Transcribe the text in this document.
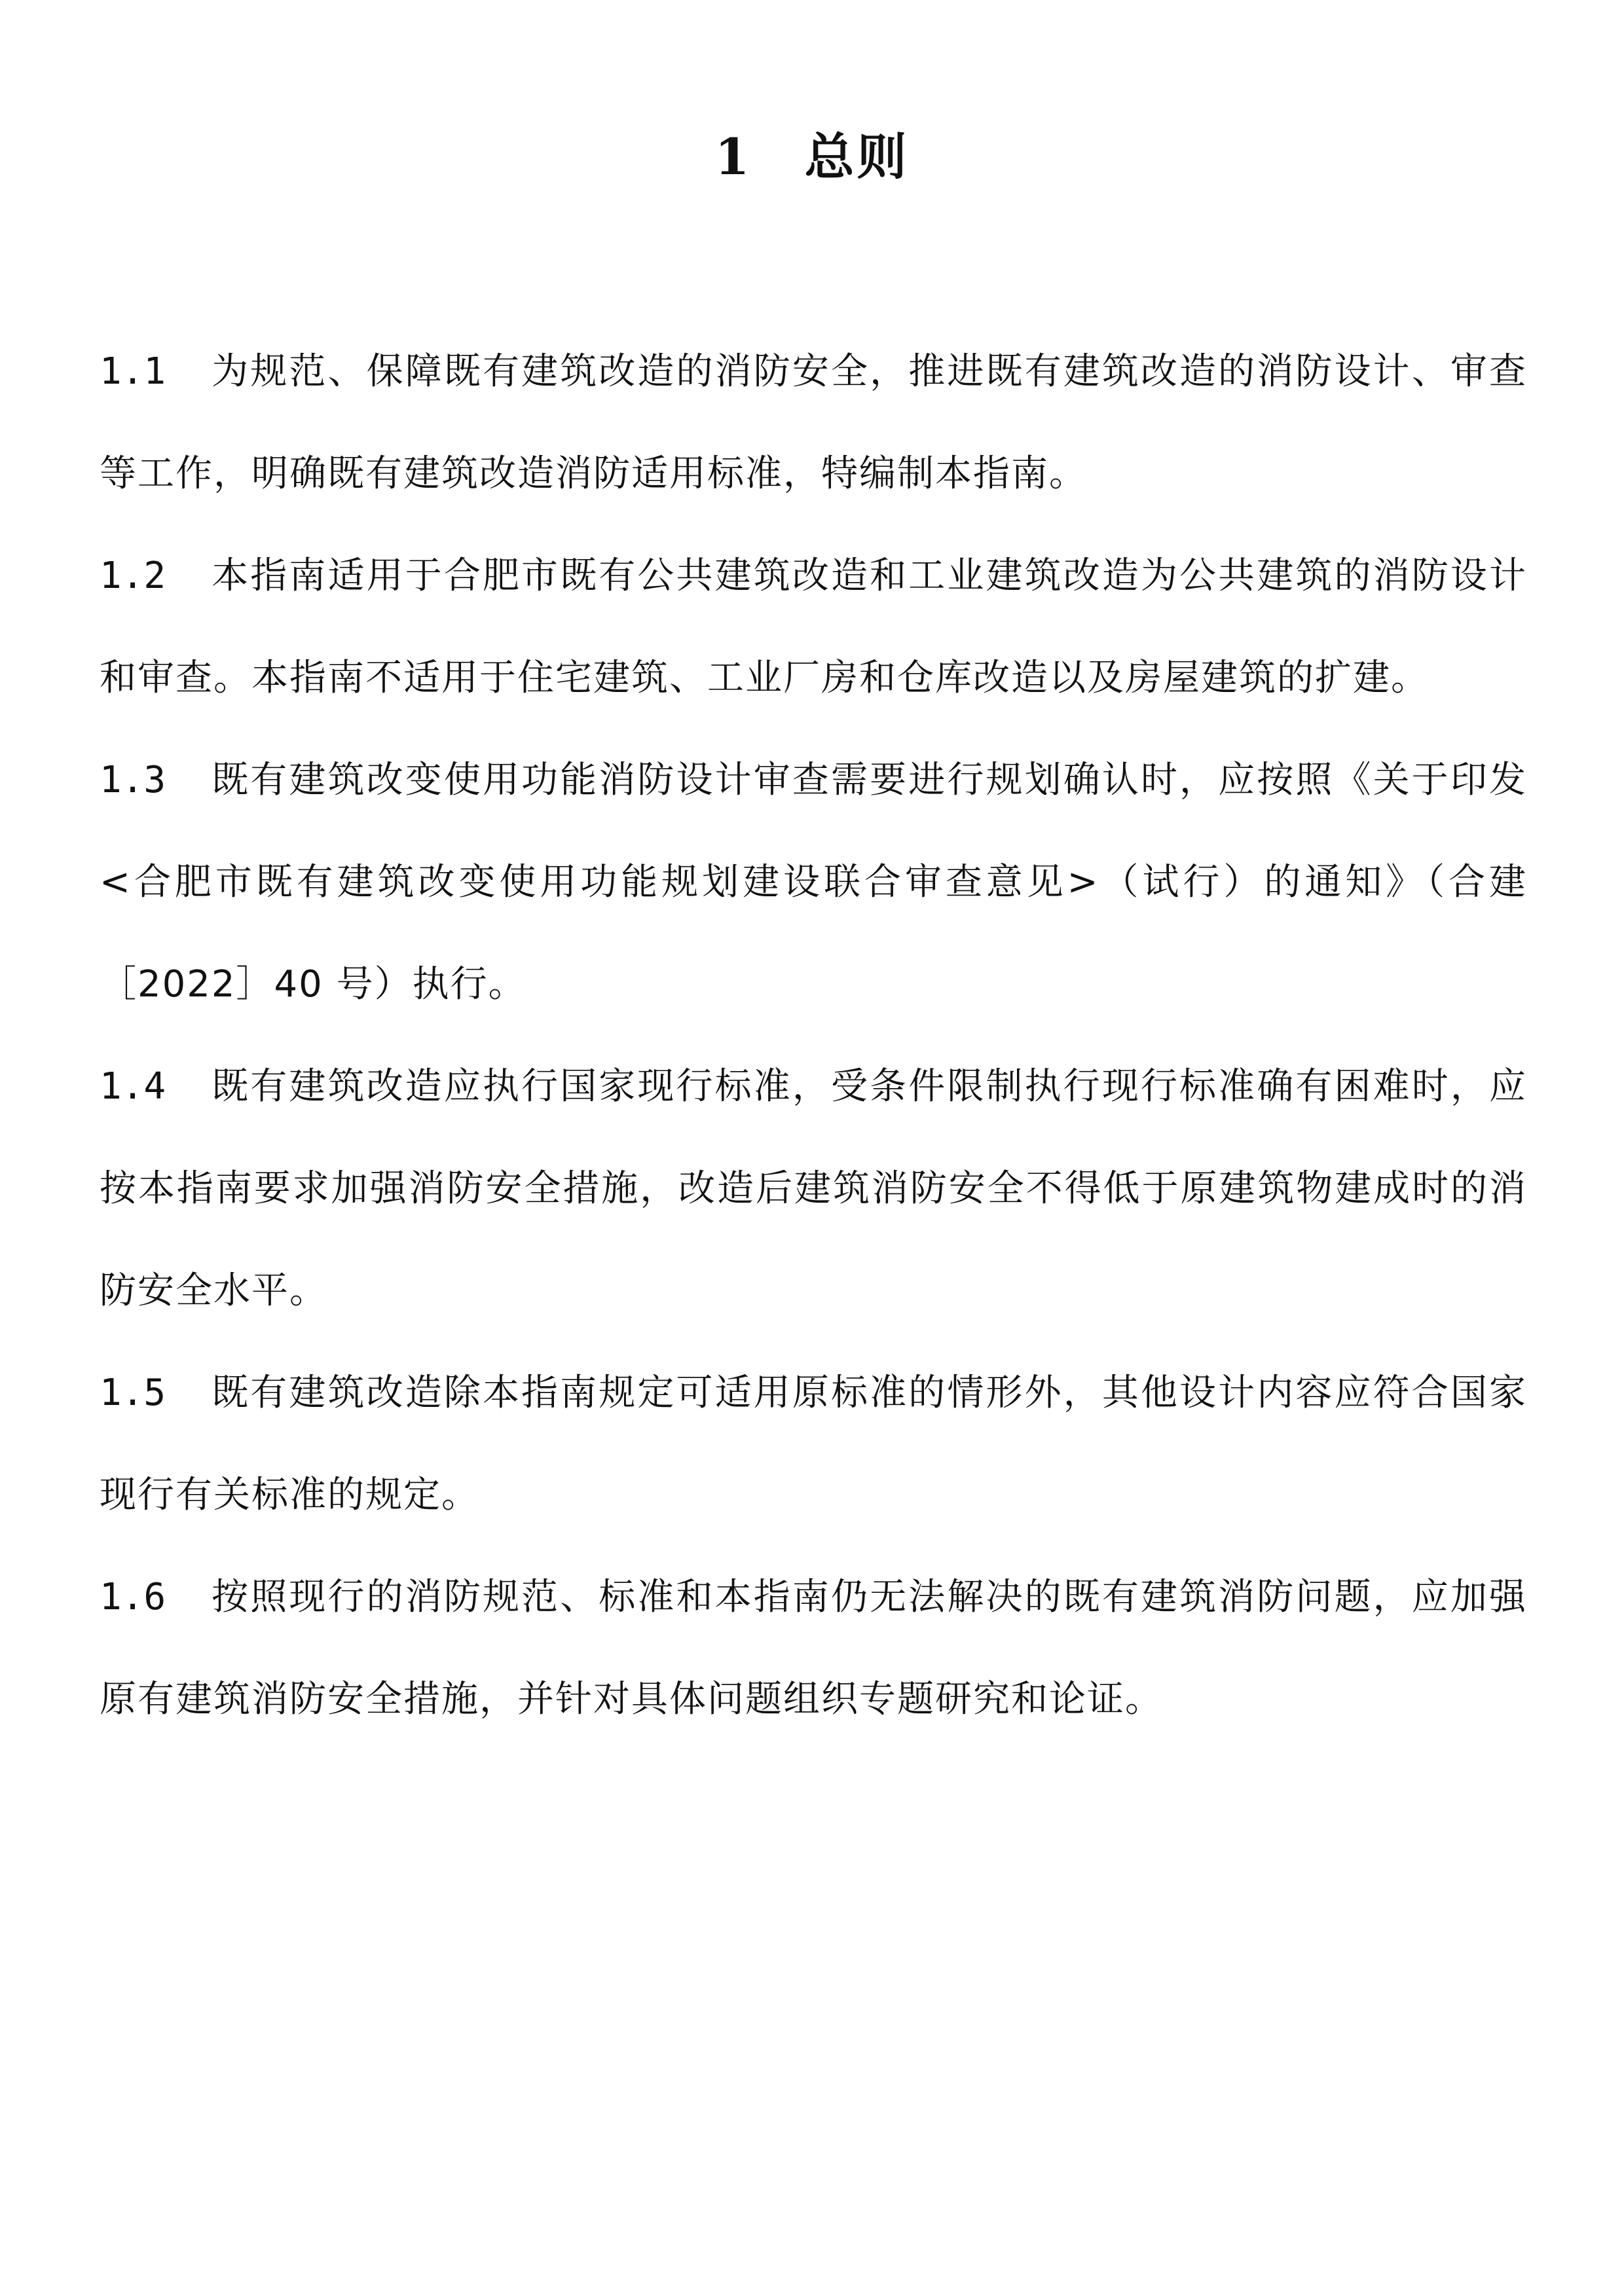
1 总则

1.1 为规范、保障既有建筑改造的消防安全，推进既有建筑改造的消防设计、审查等工作，明确既有建筑改造消防适用标准，特编制本指南。

1.2 本指南适用于合肥市既有公共建筑改造和工业建筑改造为公共建筑的消防设计和审查。本指南不适用于住宅建筑、工业厂房和仓库改造以及房屋建筑的扩建。

1.3 既有建筑改变使用功能消防设计审查需要进行规划确认时，应按照《关于印发<合肥市既有建筑改变使用功能规划建设联合审查意见>（试行）的通知》（合建［2022］40 号）执行。

1.4 既有建筑改造应执行国家现行标准，受条件限制执行现行标准确有困难时，应按本指南要求加强消防安全措施，改造后建筑消防安全不得低于原建筑物建成时的消防安全水平。

1.5 既有建筑改造除本指南规定可适用原标准的情形外，其他设计内容应符合国家现行有关标准的规定。

1.6 按照现行的消防规范、标准和本指南仍无法解决的既有建筑消防问题，应加强原有建筑消防安全措施，并针对具体问题组织专题研究和论证。
